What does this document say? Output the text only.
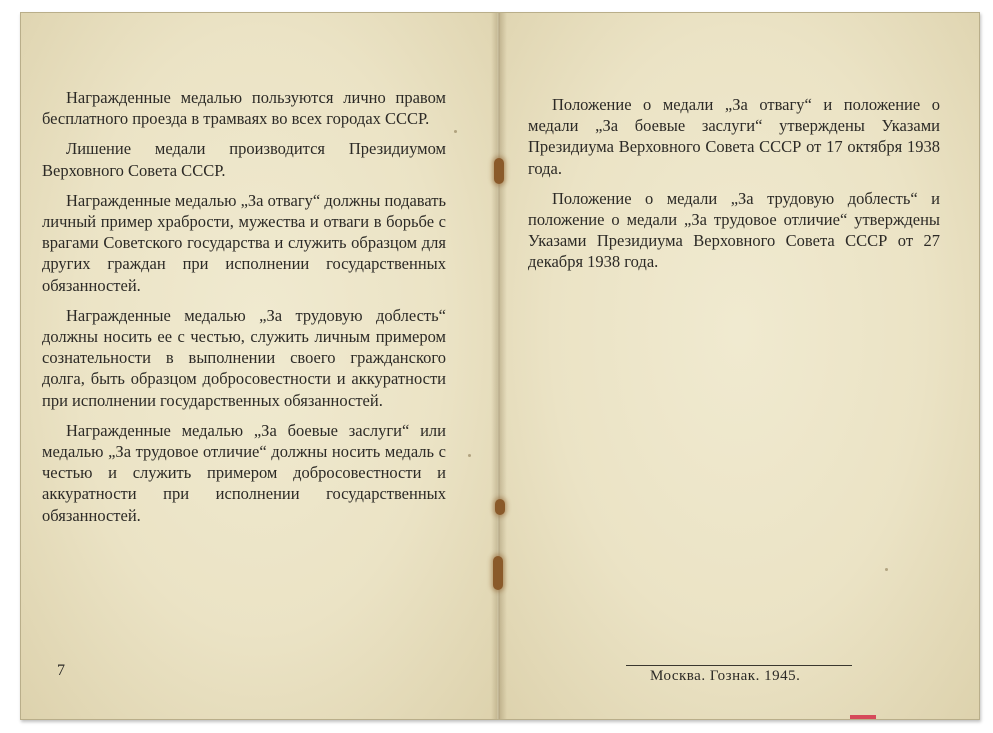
Награжденные медалью пользуются лично правом бесплатного проезда в трамваях во всех городах СССР.

Лишение медали производится Президиумом Верховного Совета СССР.

Награжденные медалью „За отвагу“ должны подавать личный пример храбрости, мужества и отваги в борьбе с врагами Советского государства и служить образцом для других граждан при исполнении государственных обязанностей.

Награжденные медалью „За трудовую доблесть“ должны носить ее с честью, служить личным примером сознательности в выполнении своего гражданского долга, быть образцом добросовестности и аккуратности при исполнении государственных обязанностей.

Награжденные медалью „За боевые заслуги“ или медалью „За трудовое отличие“ должны носить медаль с честью и служить примером добросовестности и аккуратности при исполнении государственных обязанностей.

7

Положение о медали „За отвагу“ и положение о медали „За боевые заслуги“ утверждены Указами Президиума Верховного Совета СССР от 17 октября 1938 года.

Положение о медали „За трудовую доблесть“ и положение о медали „За трудовое отличие“ утверждены Указами Президиума Верховного Совета СССР от 27 декабря 1938 года.

Москва. Гознак. 1945.
